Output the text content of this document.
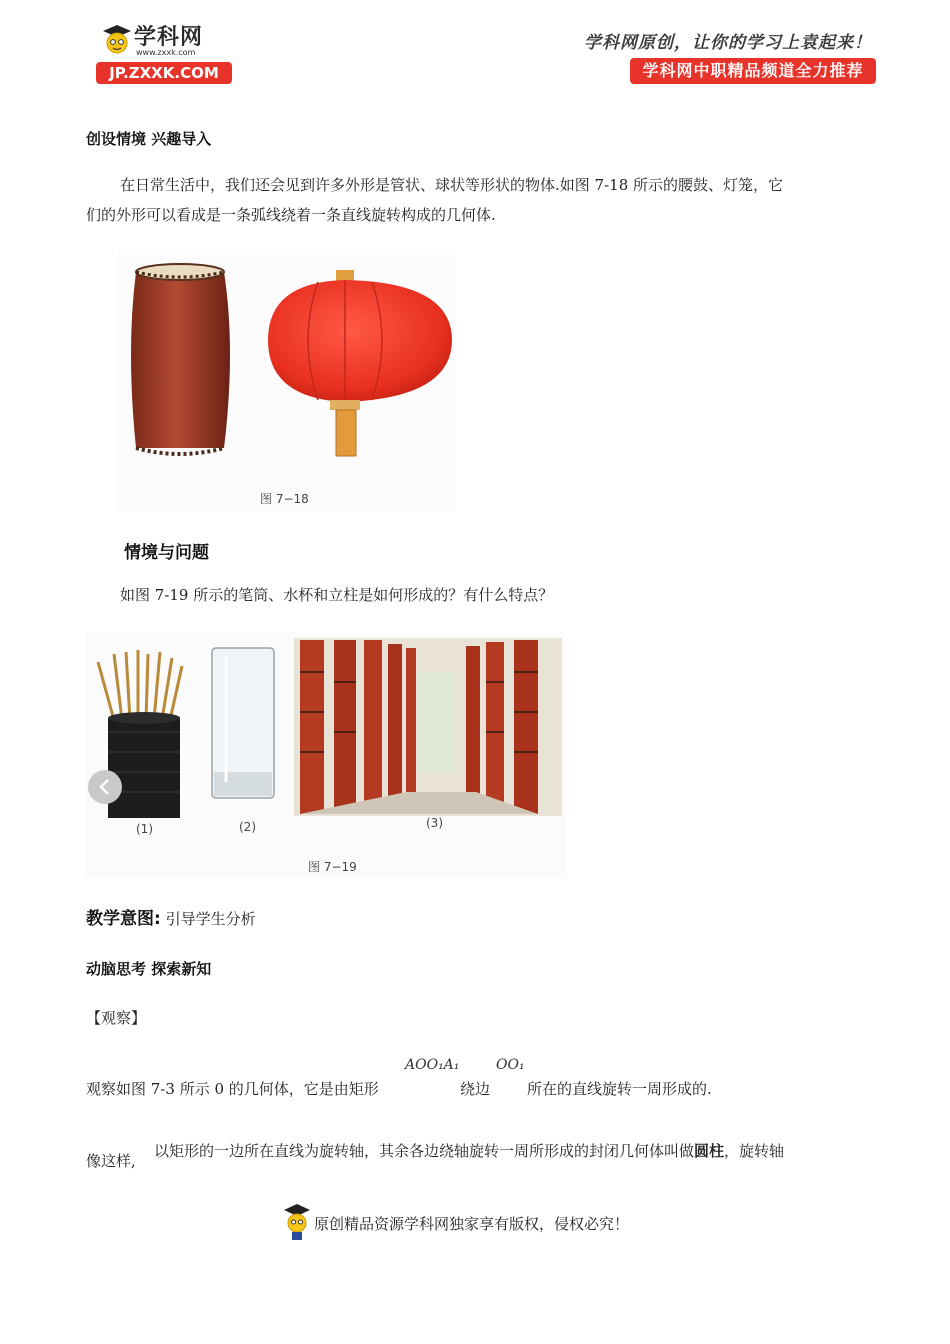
学科网
www.zxxk.com
JP.ZXXK.COM
学科网原创，让你的学习上袁起来！
学科网中职精品频道全力推荐
创设情境 兴趣导入
在日常生活中，我们还会见到许多外形是管状、球状等形状的物体.如图 7-18 所示的腰鼓、灯笼，它
们的外形可以看成是一条弧线绕着一条直线旋转构成的几何体.
图 7−18
情境与问题
如图 7-19 所示的笔筒、水杯和立柱是如何形成的？有什么特点？
(1)	(2)	(3)
图 7−19
教学意图: 引导学生分析
动脑思考 探索新知
【观察】
AOO₁A₁	OO₁
观察如图 7-3 所示 0 的几何体，它是由矩形	绕边 所在的直线旋转一周形成的.
像这样,
以矩形的一边所在直线为旋转轴，其余各边绕轴旋转一周所形成的封闭几何体叫做圆柱，旋转轴
原创精品资源学科网独家享有版权，侵权必究！
